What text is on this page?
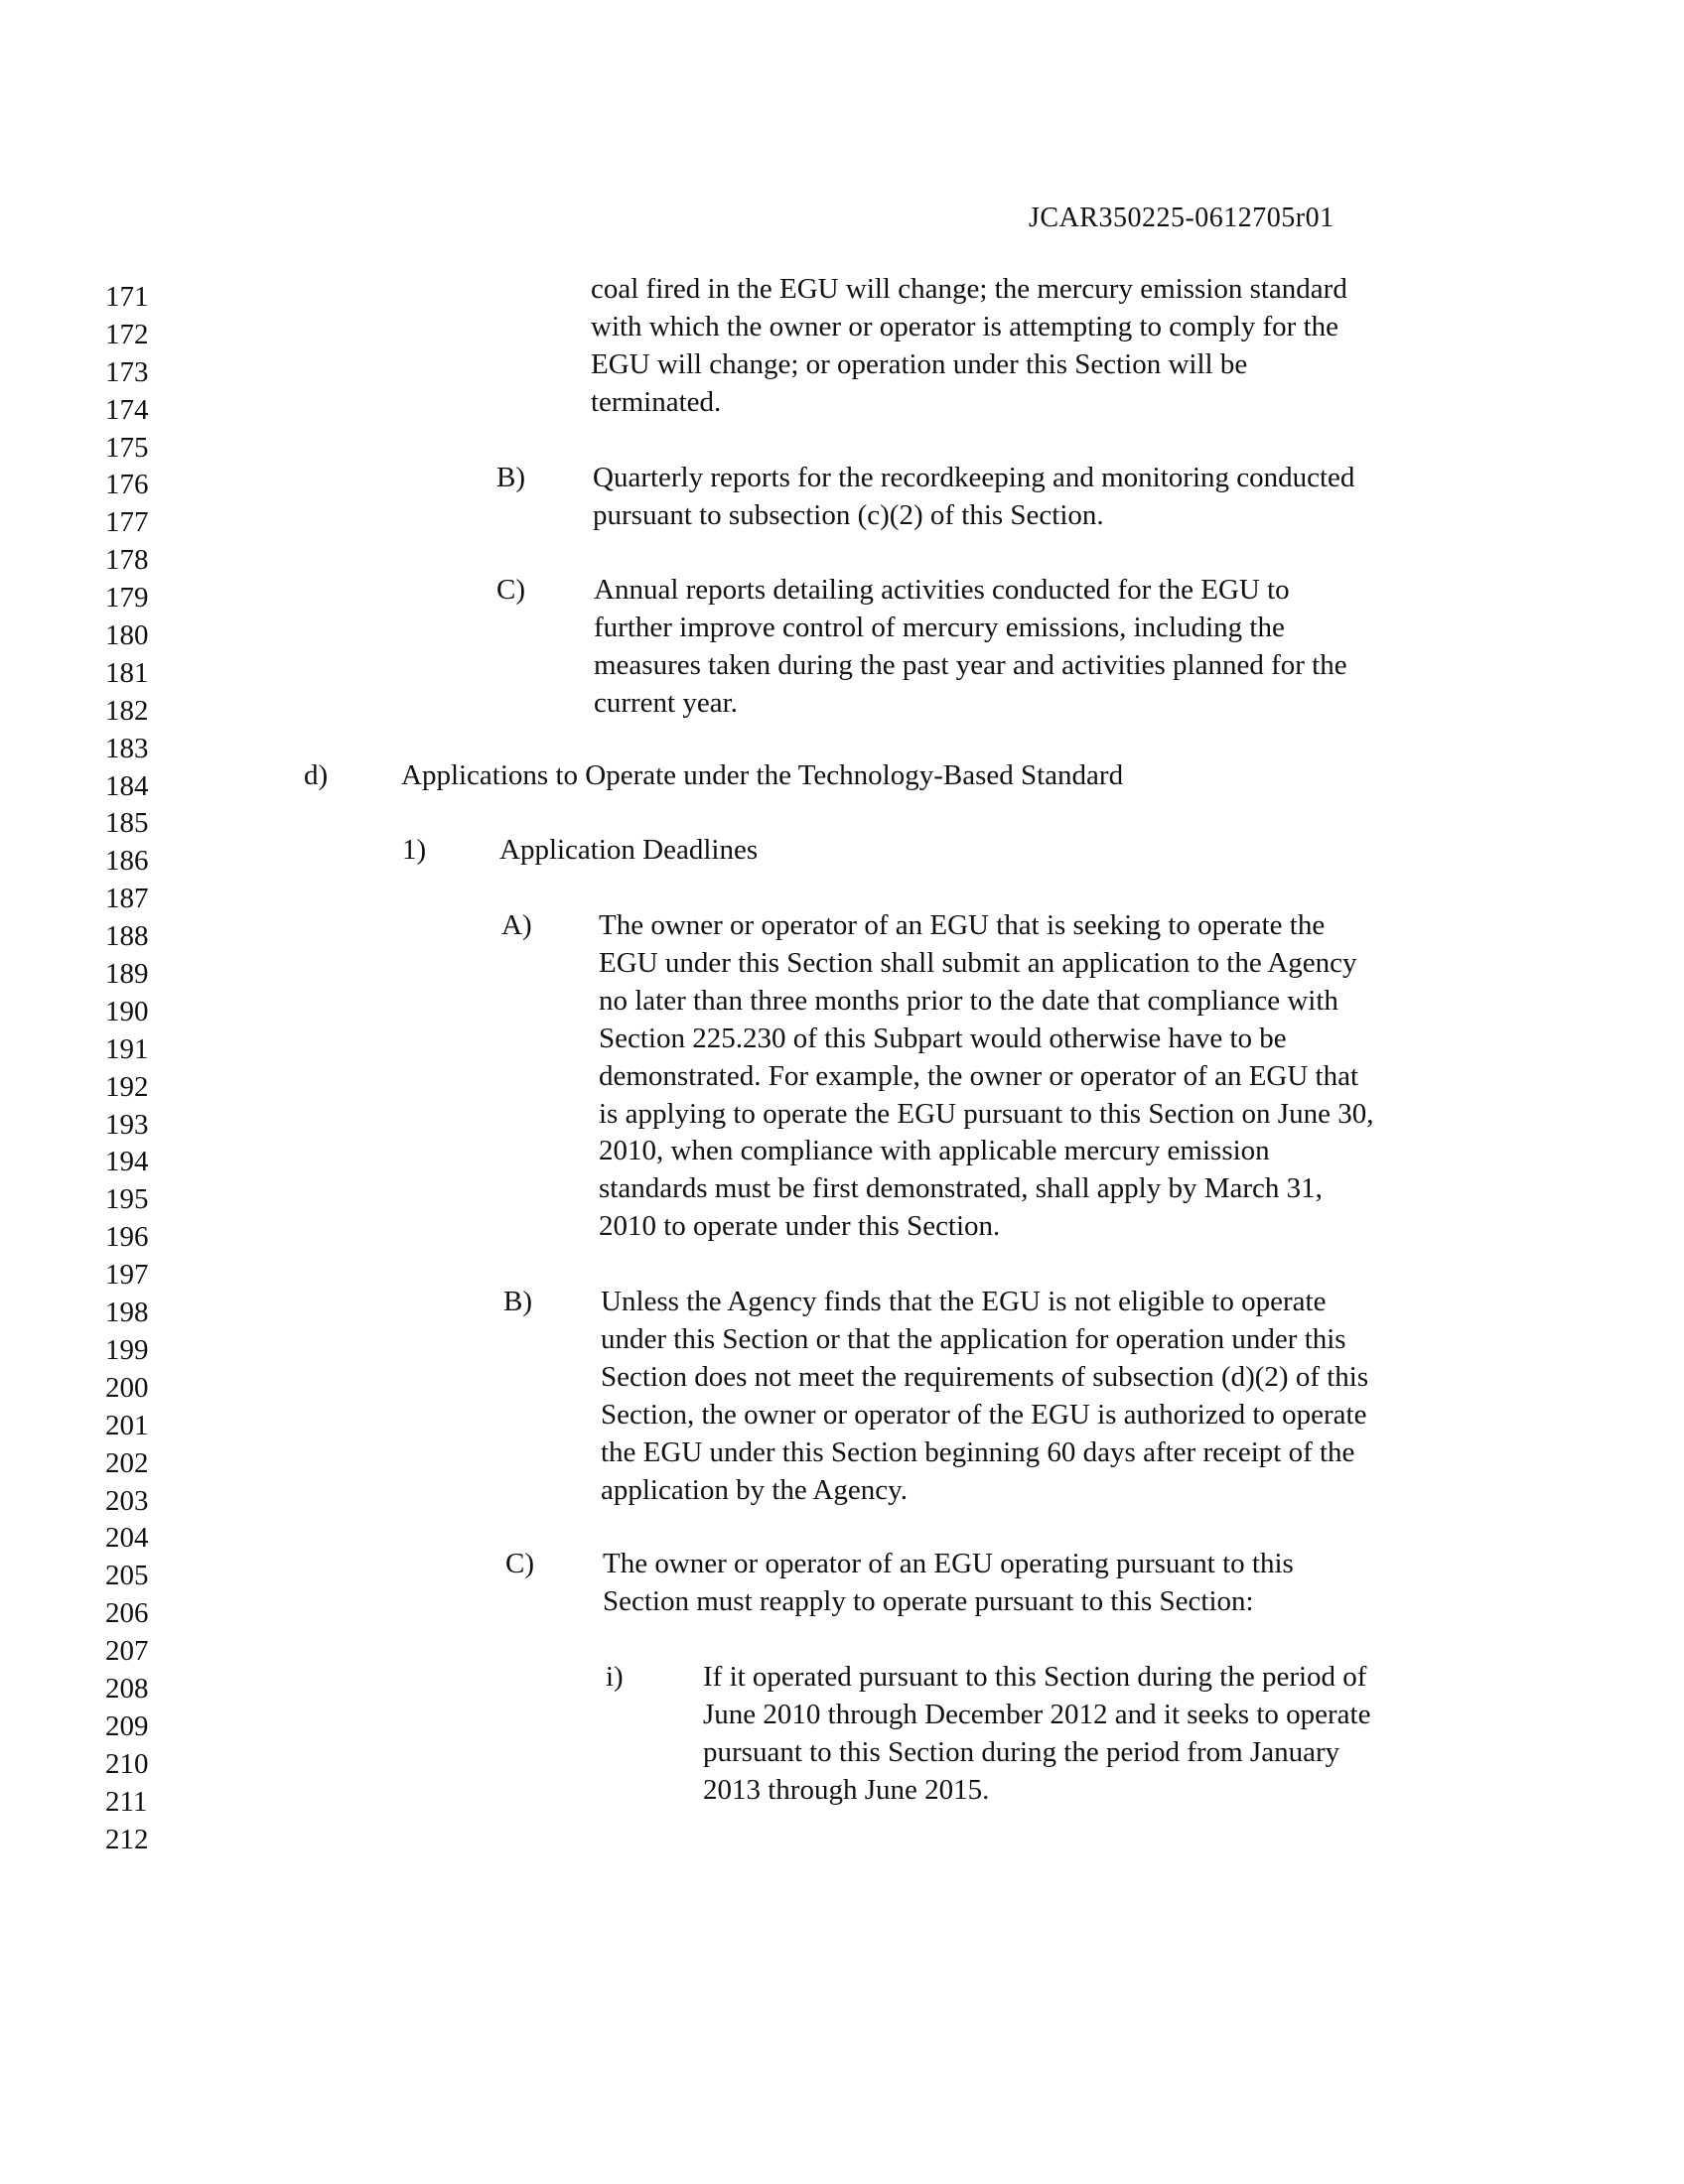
JCAR350225-0612705r01
171
172
173
174
175
176
177
178
179
180
181
182
183
184
185
186
187
188
189
190
191
192
193
194
195
196
197
198
199
200
201
202
203
204
205
206
207
208
209
210
211
212
coal fired in the EGU will change; the mercury emission standard
with which the owner or operator is attempting to comply for the
EGU will change; or operation under this Section will be
terminated.
B) Quarterly reports for the recordkeeping and monitoring conducted
pursuant to subsection (c)(2) of this Section.
C) Annual reports detailing activities conducted for the EGU to
further improve control of mercury emissions, including the
measures taken during the past year and activities planned for the
current year.
d)	Applications to Operate under the Technology-Based Standard
1)	Application Deadlines
A) The owner or operator of an EGU that is seeking to operate the
EGU under this Section shall submit an application to the Agency
no later than three months prior to the date that compliance with
Section 225.230 of this Subpart would otherwise have to be
demonstrated. For example, the owner or operator of an EGU that
is applying to operate the EGU pursuant to this Section on June 30,
2010, when compliance with applicable mercury emission
standards must be first demonstrated, shall apply by March 31,
2010 to operate under this Section.
B) Unless the Agency finds that the EGU is not eligible to operate
under this Section or that the application for operation under this
Section does not meet the requirements of subsection (d)(2) of this
Section, the owner or operator of the EGU is authorized to operate
the EGU under this Section beginning 60 days after receipt of the
application by the Agency.
C) The owner or operator of an EGU operating pursuant to this
Section must reapply to operate pursuant to this Section:
i)	If it operated pursuant to this Section during the period of
June 2010 through December 2012 and it seeks to operate
pursuant to this Section during the period from January
2013 through June 2015.
